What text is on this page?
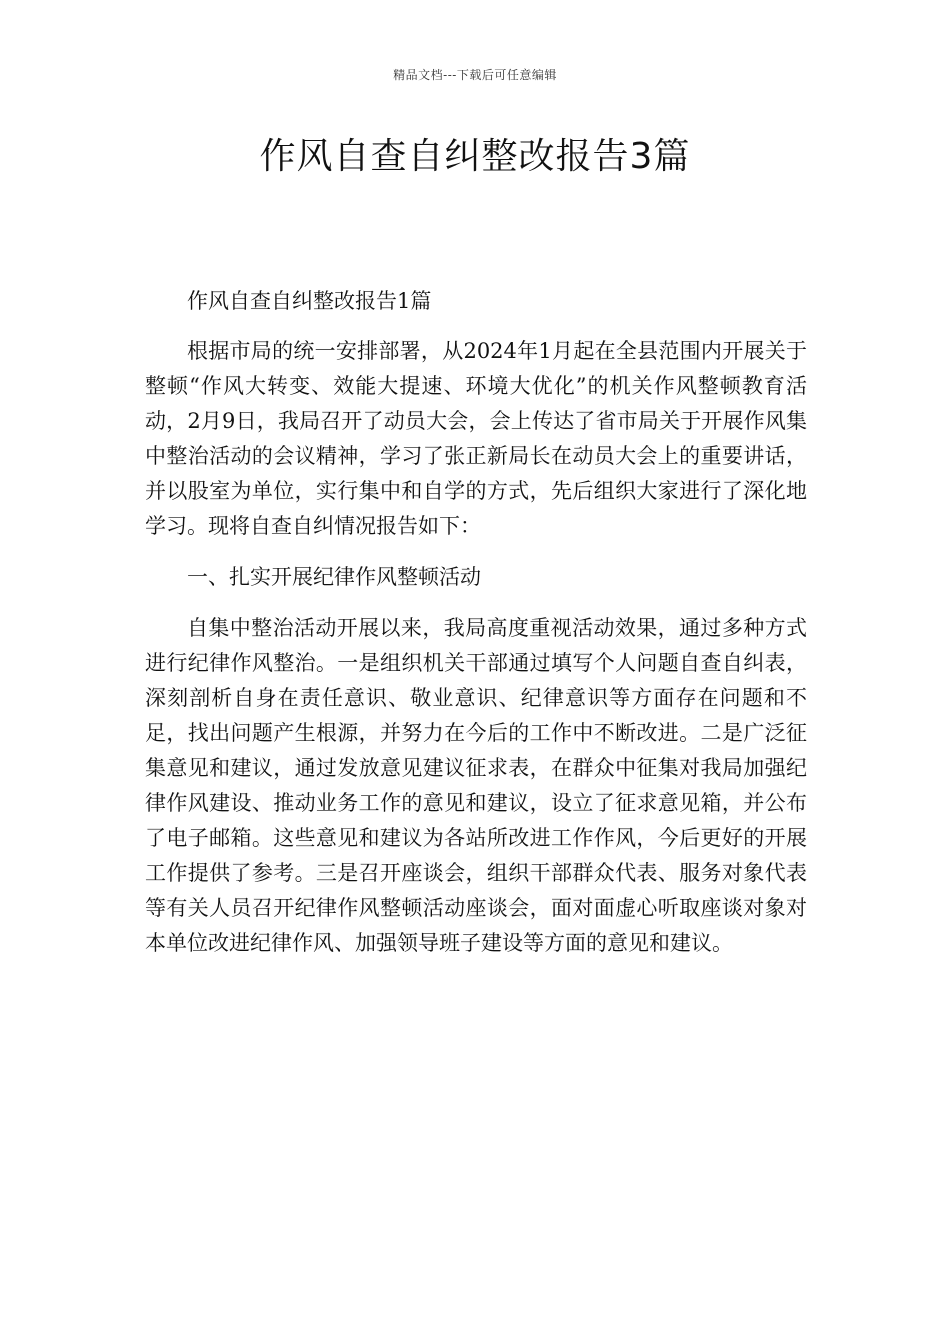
精品文档---下载后可任意编辑
作风自查自纠整改报告3篇

作风自查自纠整改报告1篇

根据市局的统一安排部署，从2024年1月起在全县范围内开展关于整顿“作风大转变、效能大提速、环境大优化”的机关作风整顿教育活动，2月9日，我局召开了动员大会，会上传达了省市局关于开展作风集中整治活动的会议精神，学习了张正新局长在动员大会上的重要讲话，并以股室为单位，实行集中和自学的方式，先后组织大家进行了深化地学习。现将自查自纠情况报告如下：

一、扎实开展纪律作风整顿活动

自集中整治活动开展以来，我局高度重视活动效果，通过多种方式进行纪律作风整治。一是组织机关干部通过填写个人问题自查自纠表，深刻剖析自身在责任意识、敬业意识、纪律意识等方面存在问题和不足，找出问题产生根源，并努力在今后的工作中不断改进。二是广泛征集意见和建议，通过发放意见建议征求表，在群众中征集对我局加强纪律作风建设、推动业务工作的意见和建议，设立了征求意见箱，并公布了电子邮箱。这些意见和建议为各站所改进工作作风，今后更好的开展工作提供了参考。三是召开座谈会，组织干部群众代表、服务对象代表等有关人员召开纪律作风整顿活动座谈会，面对面虚心听取座谈对象对本单位改进纪律作风、加强领导班子建设等方面的意见和建议。
